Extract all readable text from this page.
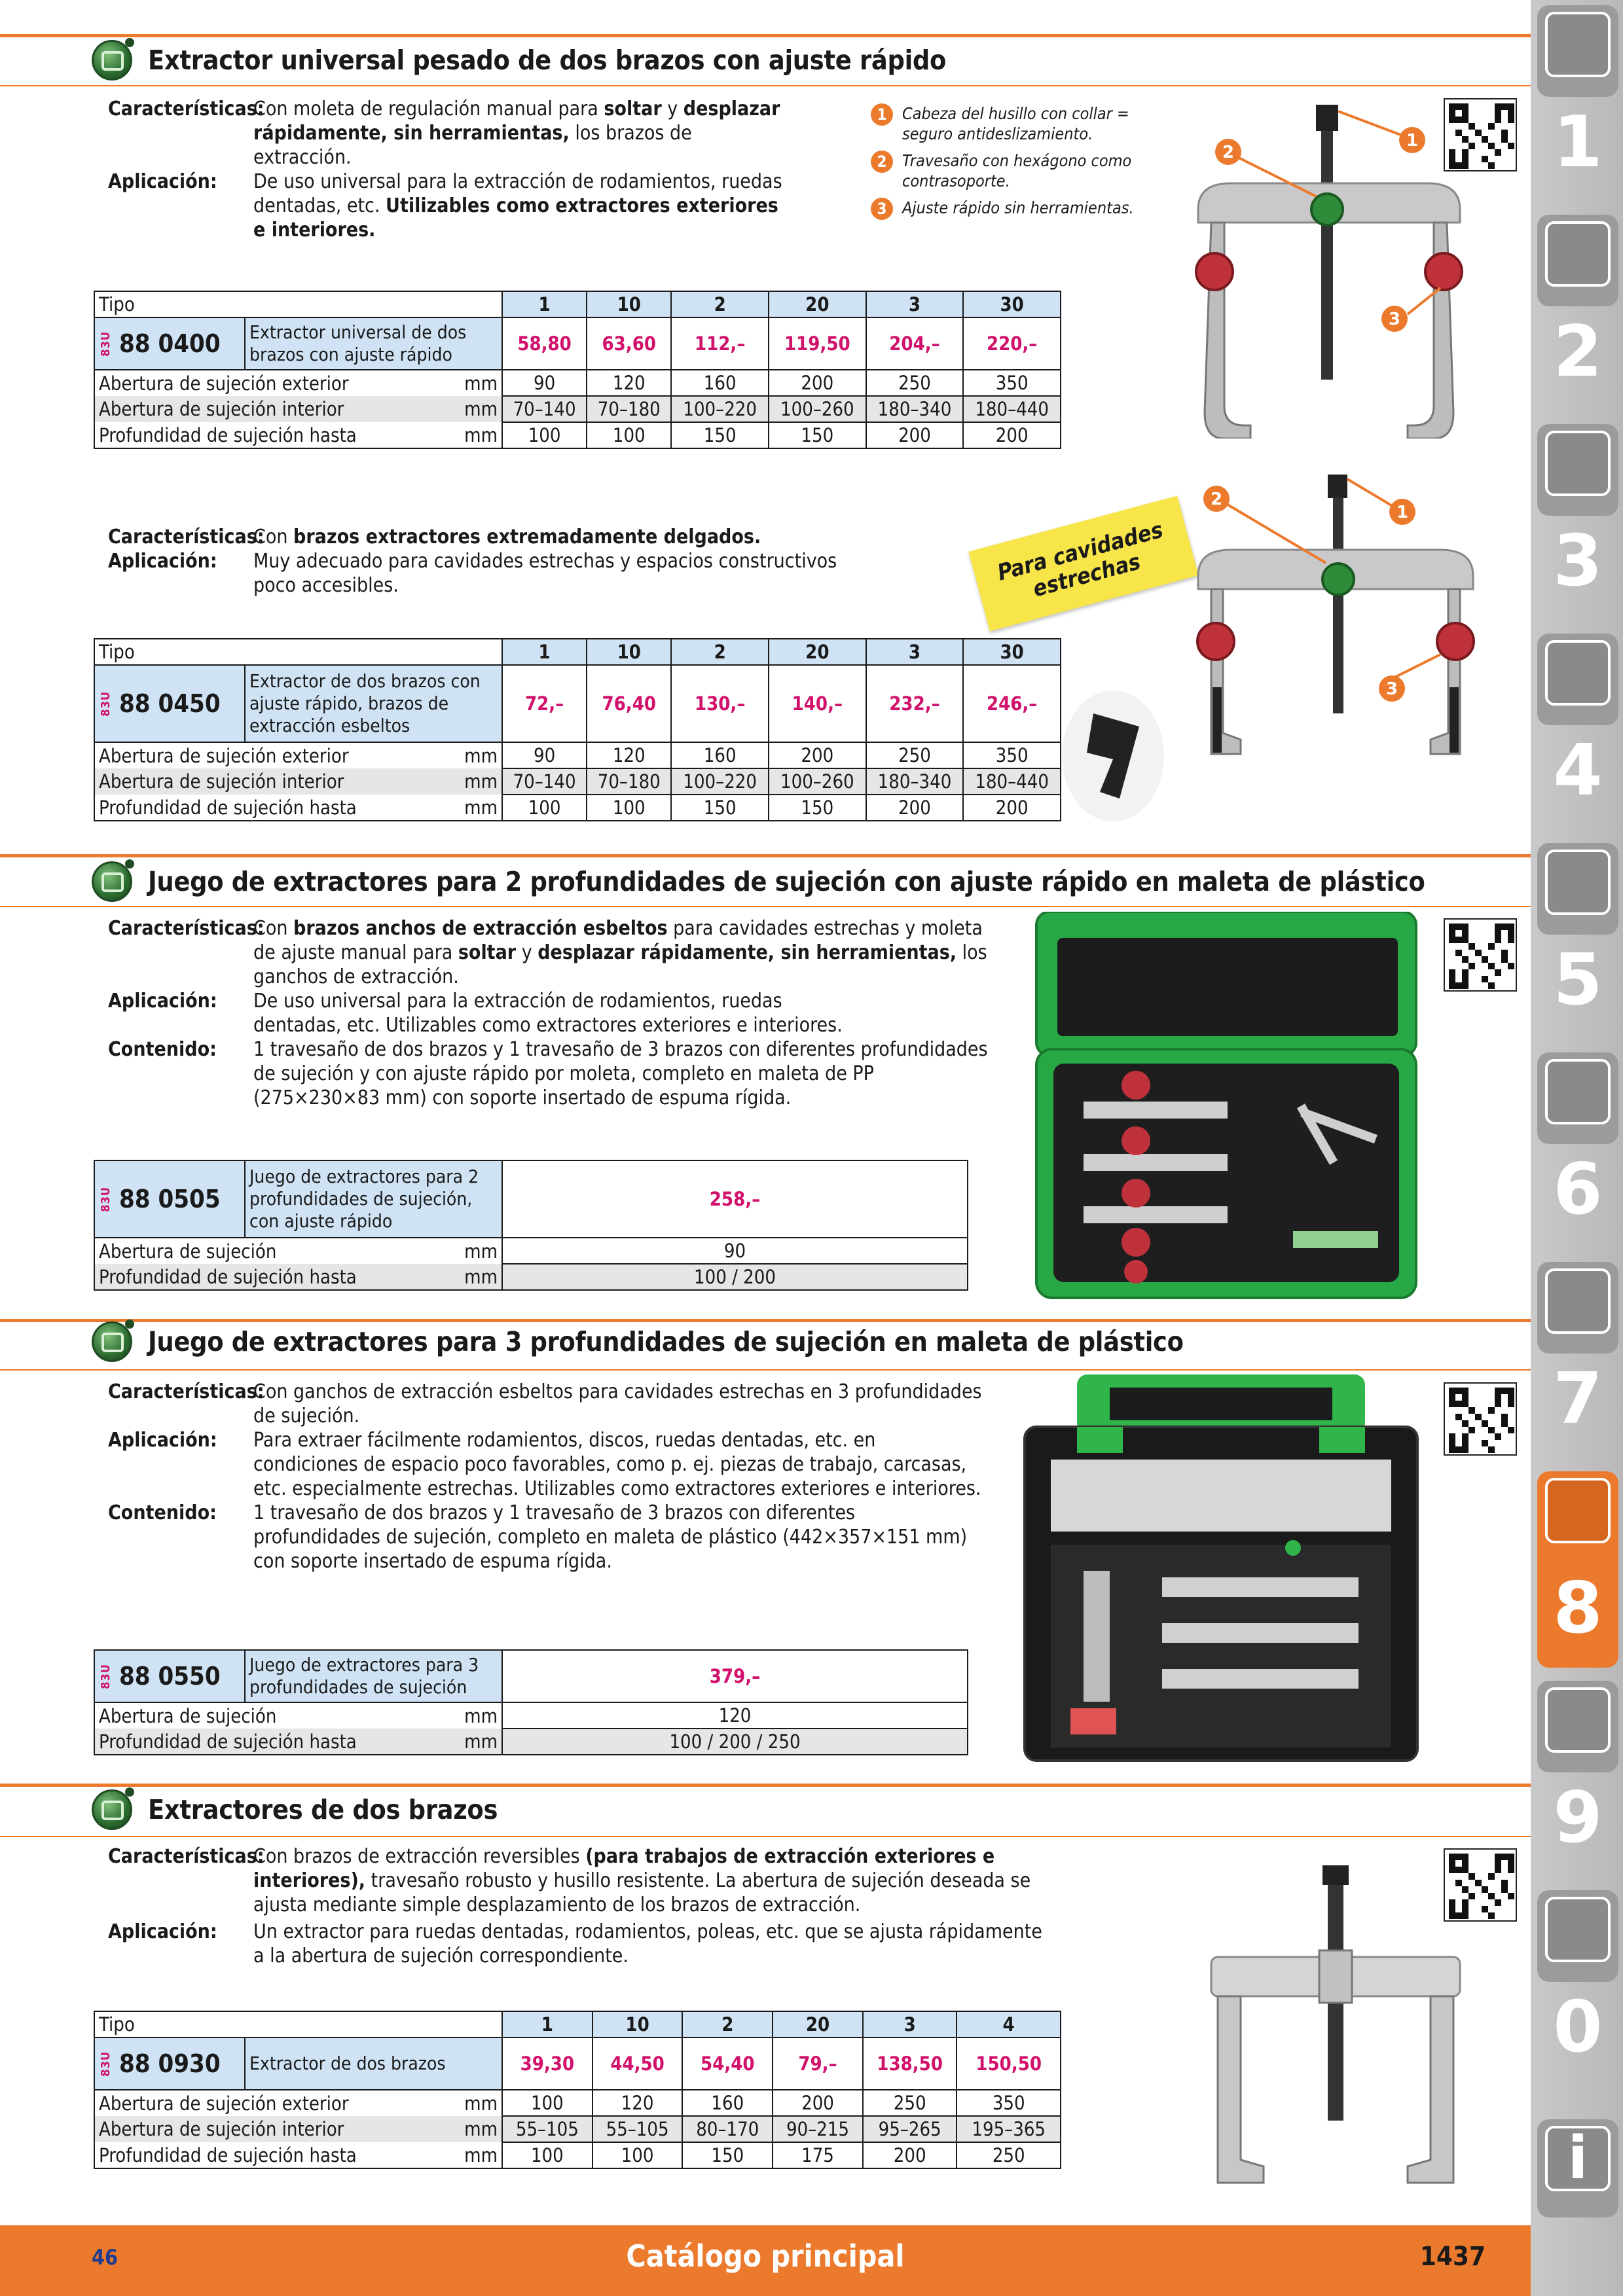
Extractor universal pesado de dos brazos con ajuste rápido
Características:
Con moleta de regulación manual para soltar y desplazar rápidamente, sin herramientas, los brazos de extracción.
Aplicación:	De uso universal para la extracción de rodamientos, ruedas dentadas, etc. Utilizables como extractores exteriores e interiores.
1 Cabeza del husillo con collar = seguro antideslizamiento.
2 Travesaño con hexágono como contrasoporte.
3 Ajuste rápido sin herramientas.
1
2
3
Tipo		1	10	2	20	3	30

83U 88 0400	Extractor universal de dos brazos con ajuste rápido	58,80	63,60	112,–	119,50	204,–	220,–
Abertura de sujeción exterior mm		90	120	160	200	250	350
Abertura de sujeción interior mm		70–140	70–180	100–220	100–260	180–340	180–440
Profundidad de sujeción hasta mm		100	100	150	150	200	200
Características:
Con brazos extractores extremadamente delgados.
Aplicación:	Muy adecuado para cavidades estrechas y espacios constructivos poco accesibles.	Para cavidades estrechas
1
2
3
Tipo		1	10	2	20	3	30

83U 88 0450	Extractor de dos brazos con ajuste rápido, brazos de extracción esbeltos	72,–	76,40	130,–	140,–	232,–	246,–
Abertura de sujeción exterior mm		90	120	160	200	250	350
Abertura de sujeción interior mm		70–140	70–180	100–220	100–260	180–340	180–440
Profundidad de sujeción hasta mm		100	100	150	150	200	200
Juego de extractores para 2 profundidades de sujeción con ajuste rápido en maleta de plástico
Características:
Con brazos anchos de extracción esbeltos para cavidades estrechas y moleta de ajuste manual para soltar y desplazar rápidamente, sin herramientas, los ganchos de extracción.
Aplicación:	De uso universal para la extracción de rodamientos, ruedas dentadas, etc. Utilizables como extractores exteriores e interiores.
Contenido:	1 travesaño de dos brazos y 1 travesaño de 3 brazos con diferentes profundidades de sujeción y con ajuste rápido por moleta, completo en maleta de PP (275×230×83 mm) con soporte insertado de espuma rígida.
83U 88 0505	Juego de extractores para 2 profundidades de sujeción, con ajuste rápido	258,–
Abertura de sujeción mm		90
Profundidad de sujeción hasta mm		100 / 200
Juego de extractores para 3 profundidades de sujeción en maleta de plástico
Características:
Con ganchos de extracción esbeltos para cavidades estrechas en 3 profundidades de sujeción.
Aplicación:	Para extraer fácilmente rodamientos, discos, ruedas dentadas, etc. en condiciones de espacio poco favorables, como p. ej. piezas de trabajo, carcasas, etc. especialmente estrechas. Utilizables como extractores exteriores e interiores.
Contenido:	1 travesaño de dos brazos y 1 travesaño de 3 brazos con diferentes profundidades de sujeción, completo en maleta de plástico (442×357×151 mm) con soporte insertado de espuma rígida.
83U 88 0550	Juego de extractores para 3 profundidades de sujeción	379,–
Abertura de sujeción mm		120
Profundidad de sujeción hasta mm		100 / 200 / 250
Extractores de dos brazos
Características:
Con brazos de extracción reversibles (para trabajos de extracción exteriores e interiores), travesaño robusto y husillo resistente. La abertura de sujeción deseada se ajusta mediante simple desplazamiento de los brazos de extracción.
Aplicación:	Un extractor para ruedas dentadas, rodamientos, poleas, etc. que se ajusta rápidamente a la abertura de sujeción correspondiente.
Tipo		1	10	2	20	3	4

83U 88 0930	Extractor de dos brazos	39,30	44,50	54,40	79,–	138,50	150,50
Abertura de sujeción exterior mm		100	120	160	200	250	350
Abertura de sujeción interior mm		55–105	55–105	80–170	90–215	95–265	195–365
Profundidad de sujeción hasta mm		100	100	150	175	200	250
1
2
3
4
5
6
7
8
9
0
i
46	Catálogo principal	1437
